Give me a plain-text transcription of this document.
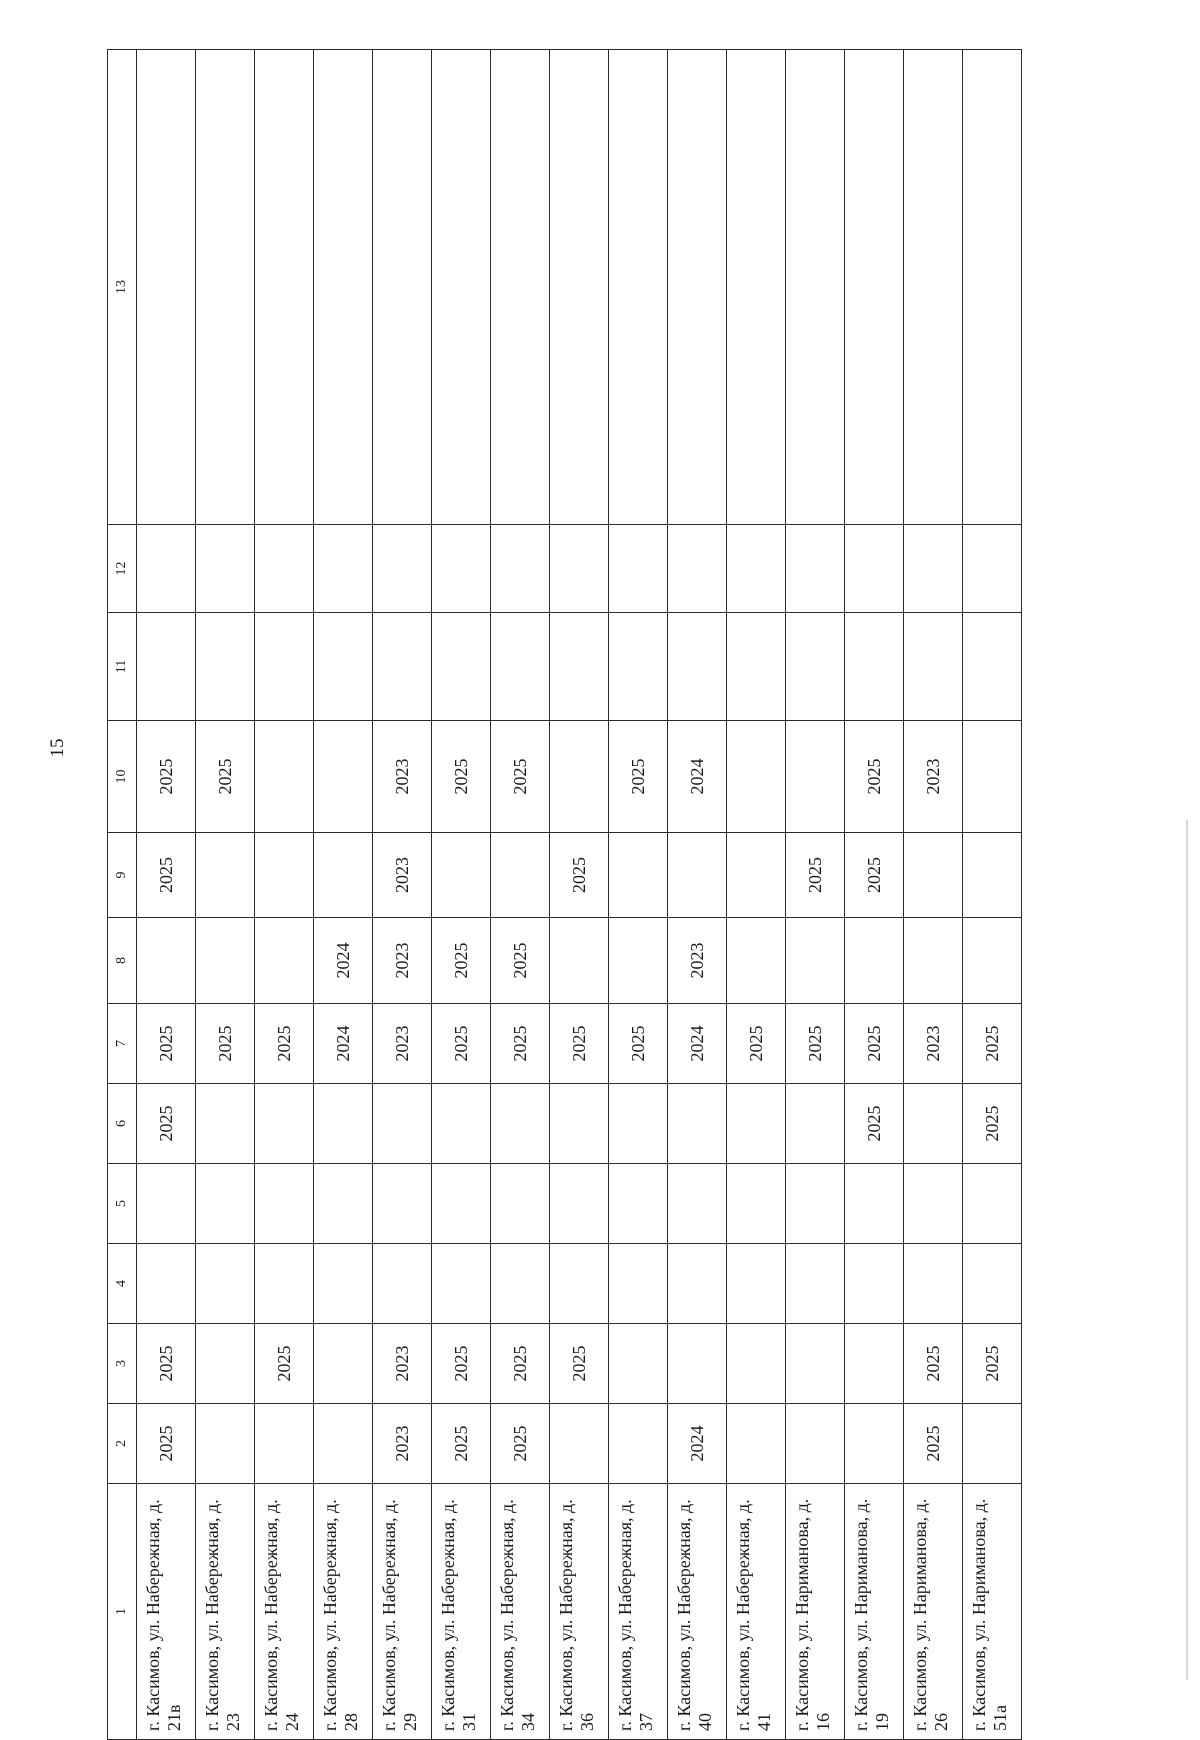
15
1	2	3	4	5	6	7	8	9	10	11	12	13
г. Касимов, ул. Набережная, д. 21в	2025	2025			2025	2025		2025	2025			
г. Касимов, ул. Набережная, д. 23						2025			2025			
г. Касимов, ул. Набережная, д. 24		2025				2025						
г. Касимов, ул. Набережная, д. 28						2024	2024					
г. Касимов, ул. Набережная, д. 29	2023	2023				2023	2023	2023	2023			
г. Касимов, ул. Набережная, д. 31	2025	2025				2025	2025		2025			
г. Касимов, ул. Набережная, д. 34	2025	2025				2025	2025		2025			
г. Касимов, ул. Набережная, д. 36		2025				2025		2025				
г. Касимов, ул. Набережная, д. 37						2025			2025			
г. Касимов, ул. Набережная, д. 40	2024					2024	2023		2024			
г. Касимов, ул. Набережная, д. 41						2025						
г. Касимов, ул. Нариманова, д. 16						2025		2025				
г. Касимов, ул. Нариманова, д. 19					2025	2025		2025	2025			
г. Касимов, ул. Нариманова, д. 26	2025	2025				2023			2023			
г. Касимов, ул. Нариманова, д. 51а		2025			2025	2025						
